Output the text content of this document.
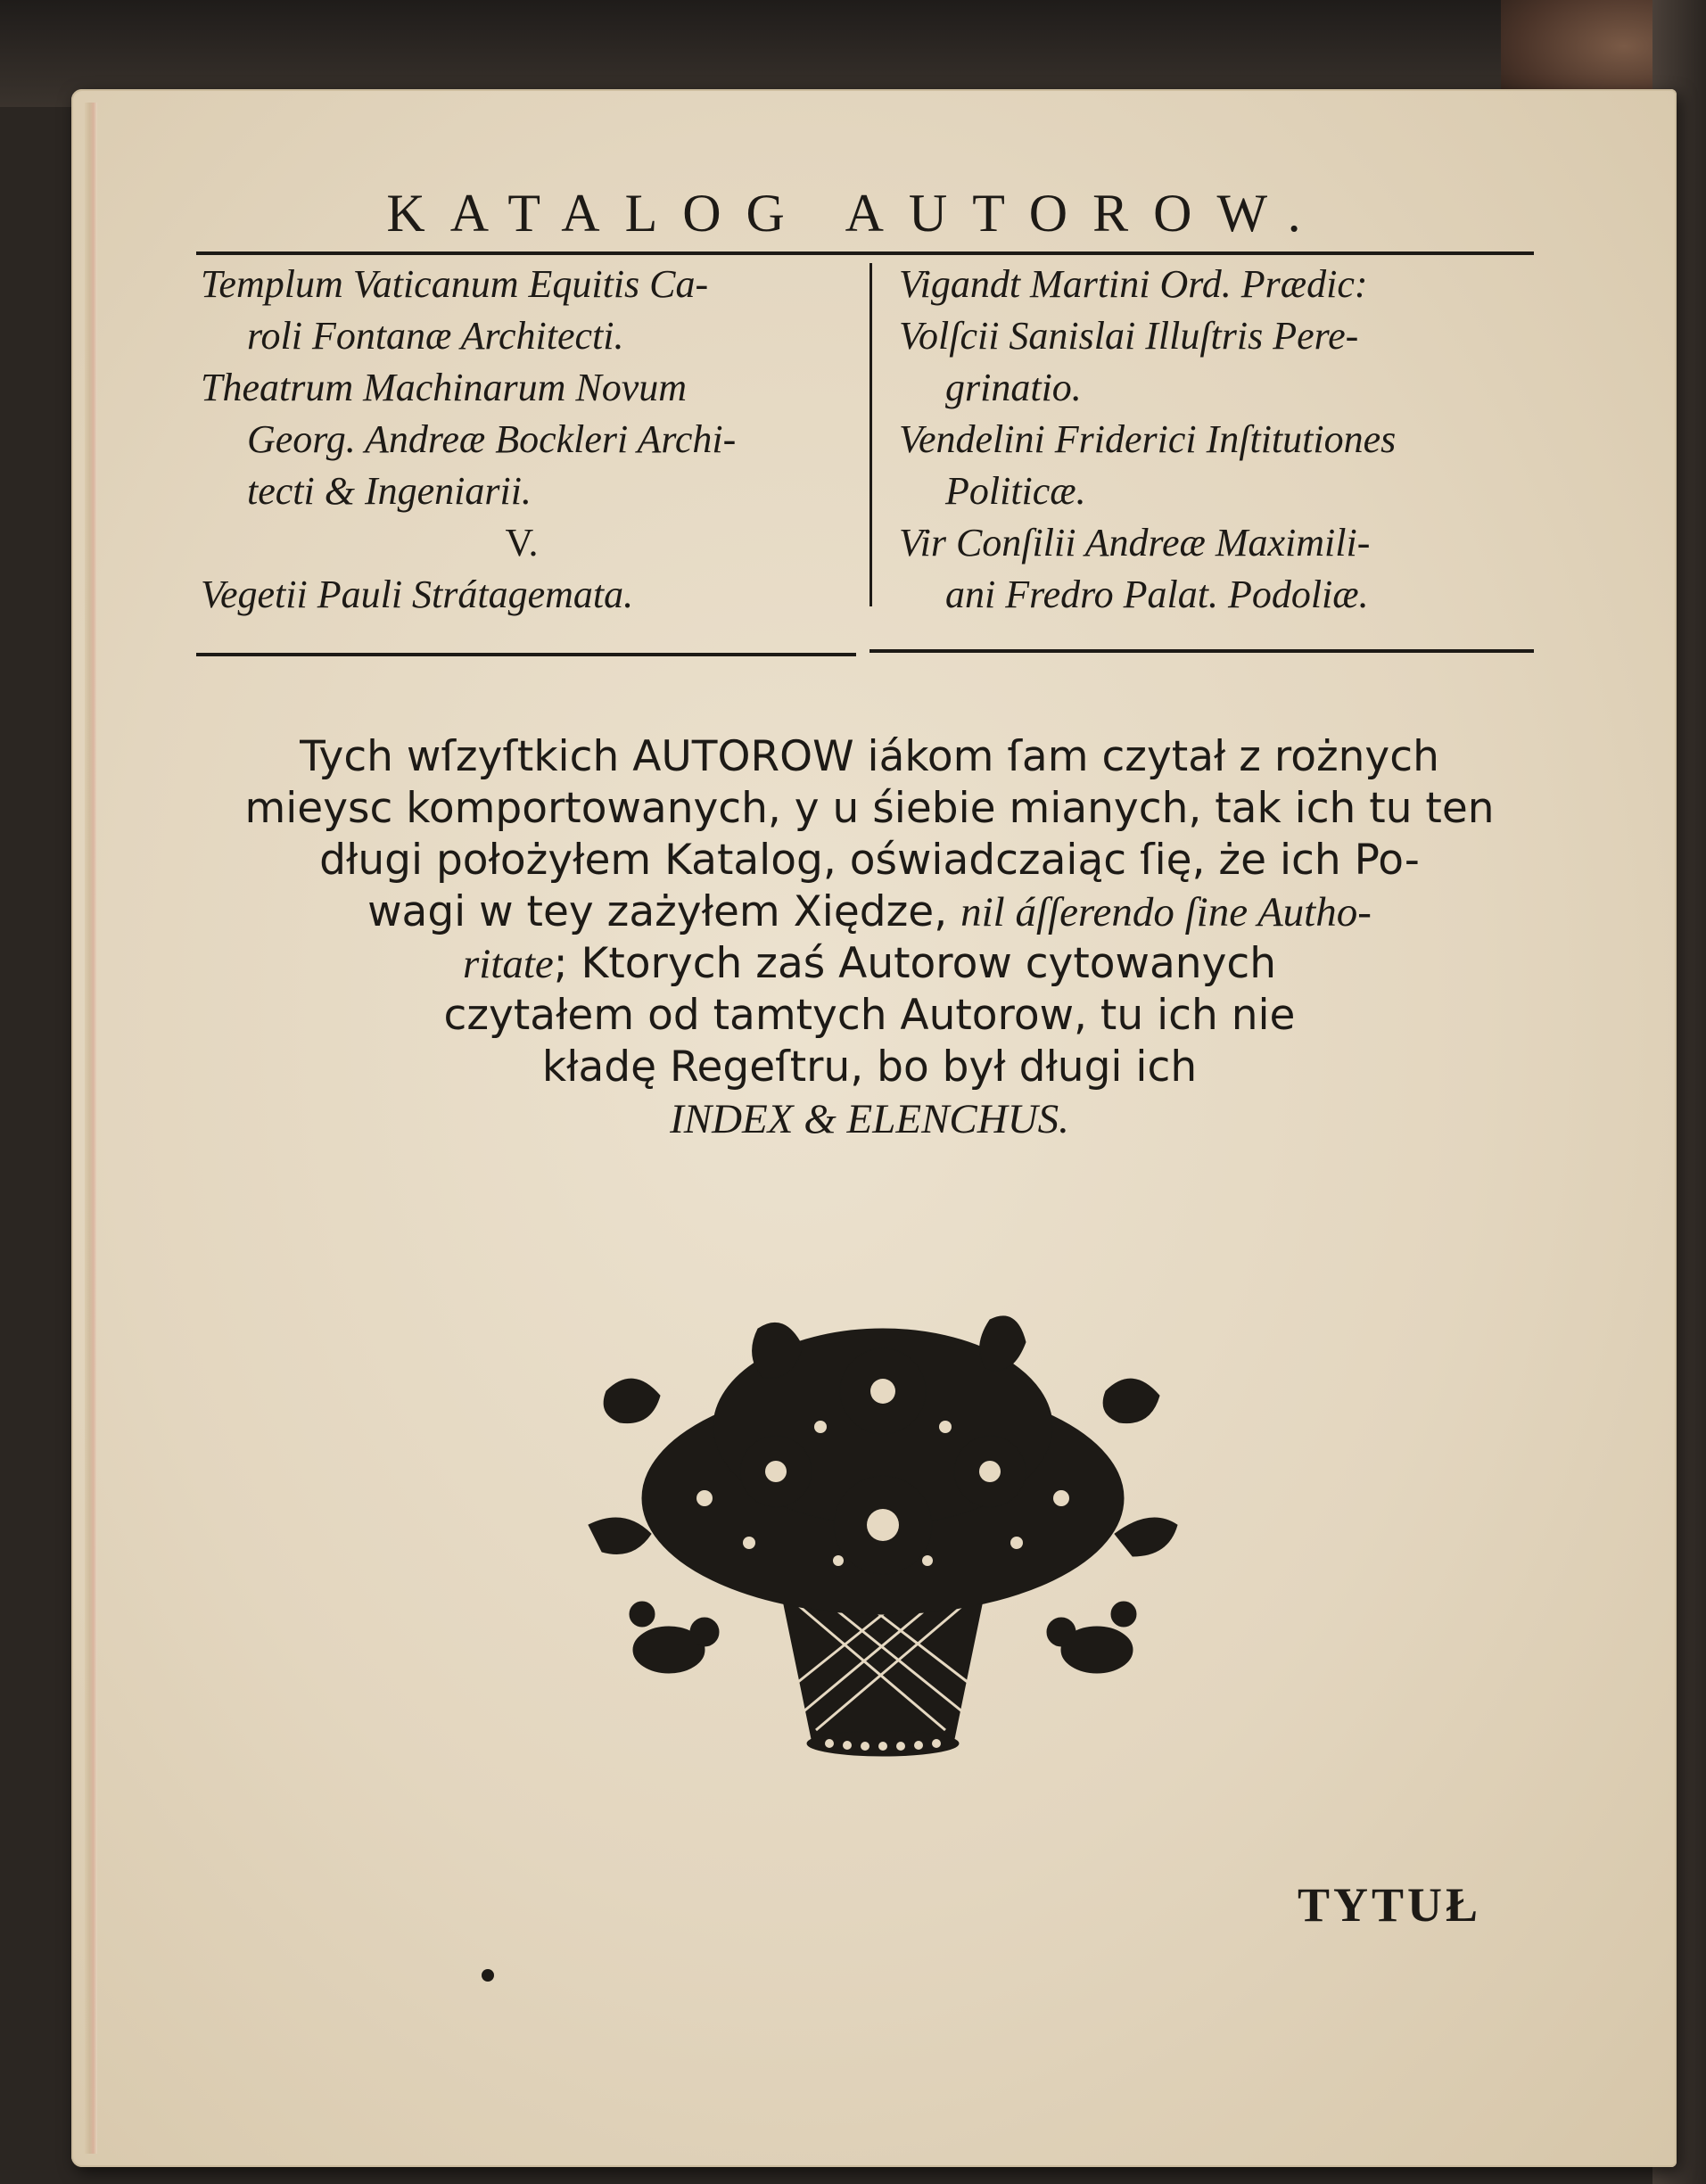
KATALOG AUTOROW.

Templum Vaticanum Equitis Ca-

roli Fontanæ Architecti.

Theatrum Machinarum Novum

Georg. Andreæ Bockleri Archi-

tecti & Ingeniarii.

V.

Vegetii Pauli Strátagemata.

Vigandt Martini Ord. Prædic:

Volſcii Sanislai Illuſtris Pere-

grinatio.

Vendelini Friderici Inſtitutiones

Politicæ.

Vir Conſilii Andreæ Maximili-

ani Fredro Palat. Podoliæ.

Tych wſzyſtkich AUTOROW iákom ſam czytał z rożnych

mieysc komportowanych, y u śiebie mianych, tak ich tu ten

długi położyłem Katalog, oświadczaiąc ſię, że ich Po-

wagi w tey zażyłem Xiędze, nil áſſerendo ſine Autho-

ritate; Ktorych zaś Autorow cytowanych

czytałem od tamtych Autorow, tu ich nie

kładę Regeſtru, bo był długi ich

INDEX & ELENCHUS.

TYTUŁ
